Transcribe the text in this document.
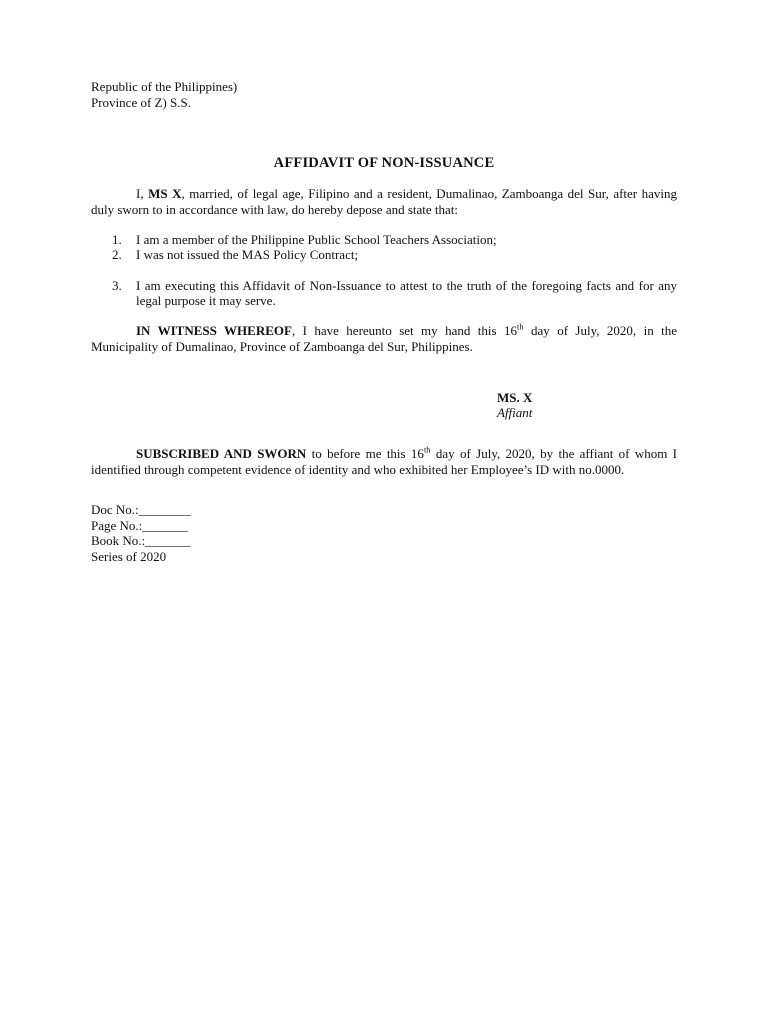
Republic of the Philippines)
Province of Z) S.S.
AFFIDAVIT OF NON-ISSUANCE
I, MS X, married, of legal age, Filipino and a resident, Dumalinao, Zamboanga del Sur, after having duly sworn to in accordance with law, do hereby depose and state that:
1. I am a member of the Philippine Public School Teachers Association;
2. I was not issued the MAS Policy Contract;
3. I am executing this Affidavit of Non-Issuance to attest to the truth of the foregoing facts and for any legal purpose it may serve.
IN WITNESS WHEREOF, I have hereunto set my hand this 16th day of July, 2020, in the Municipality of Dumalinao, Province of Zamboanga del Sur, Philippines.
MS. X
Affiant
SUBSCRIBED AND SWORN to before me this 16th day of July, 2020, by the affiant of whom I identified through competent evidence of identity and who exhibited her Employee’s ID with no.0000.
Doc No.:________
Page No.:_______
Book No.:_______
Series of 2020
